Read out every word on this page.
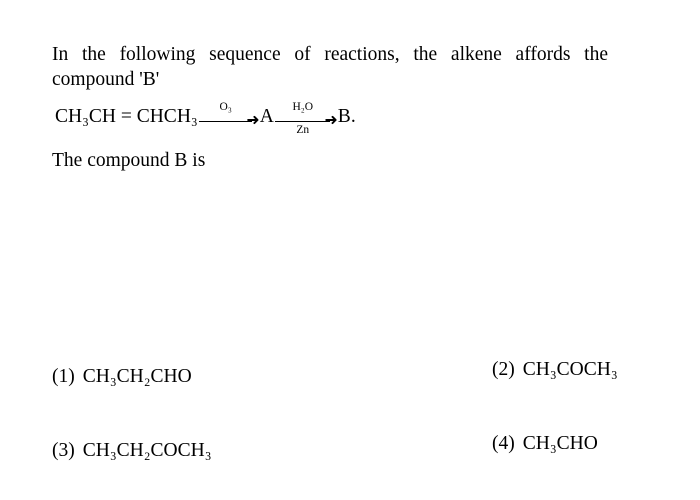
In the following sequence of reactions, the alkene affords the compound 'B'

CH₃CH = CHCH₃	O₃
➜ A	H₂O
Zn
➜ B .

The compound B is

(1) CH₃CH₂CHO	(2) CH₃COCH₃
(3) CH₃CH₂COCH₃	(4) CH₃CHO
